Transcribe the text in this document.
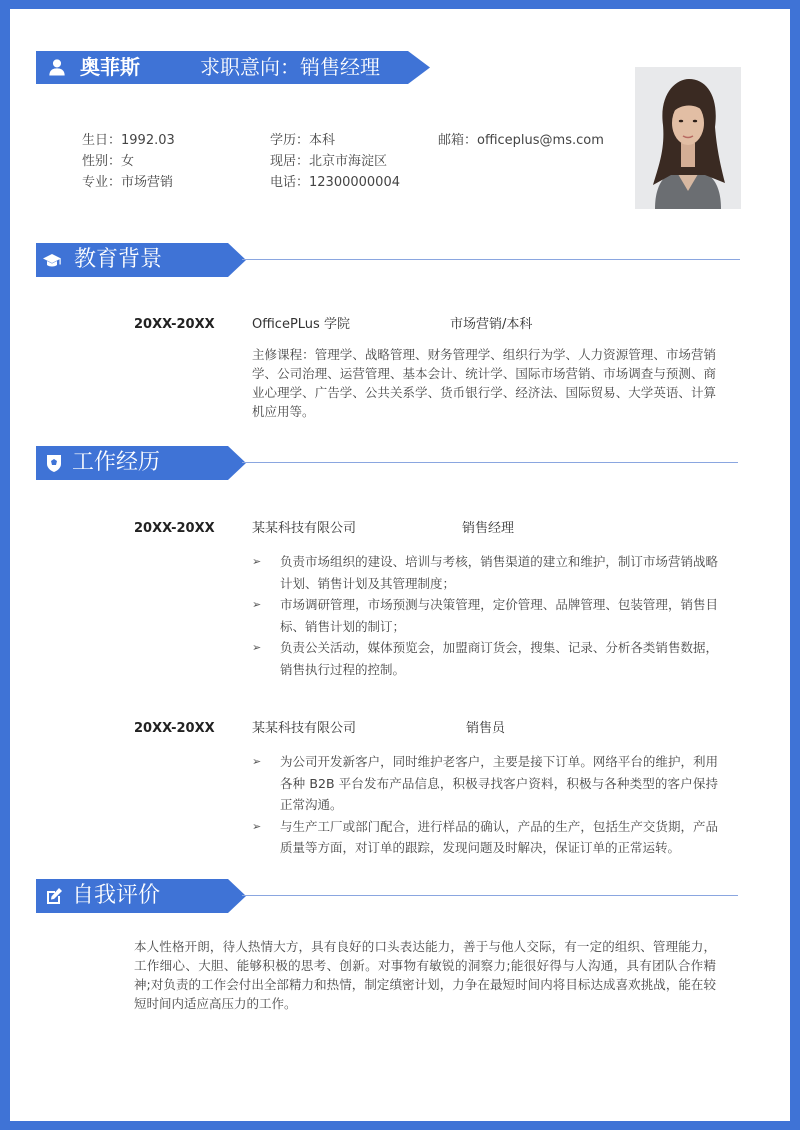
奥菲斯	求职意向：销售经理
生日：1992.03
性别：女
专业：市场营销
学历：本科
现居：北京市海淀区
电话：12300000004
邮箱：officeplus@ms.com
教育背景
20XX-20XX	OfficePLus 学院	市场营销/本科
主修课程：管理学、战略管理、财务管理学、组织行为学、人力资源管理、市场营销学、公司治理、运营管理、基本会计、统计学、国际市场营销、市场调查与预测、商业心理学、广告学、公共关系学、货币银行学、经济法、国际贸易、大学英语、计算机应用等。
工作经历
20XX-20XX	某某科技有限公司	销售经理
➢ 负责市场组织的建设、培训与考核，销售渠道的建立和维护，制订市场营销战略计划、销售计划及其管理制度；
➢ 市场调研管理，市场预测与决策管理，定价管理、品牌管理、包装管理，销售目标、销售计划的制订；
➢ 负责公关活动，媒体预览会，加盟商订货会，搜集、记录、分析各类销售数据，销售执行过程的控制。
20XX-20XX	某某科技有限公司	销售员
➢ 为公司开发新客户，同时维护老客户，主要是接下订单。网络平台的维护，利用各种 B2B 平台发布产品信息，积极寻找客户资料，积极与各种类型的客户保持正常沟通。
➢ 与生产工厂或部门配合，进行样品的确认，产品的生产，包括生产交货期，产品质量等方面，对订单的跟踪，发现问题及时解决，保证订单的正常运转。
自我评价
本人性格开朗，待人热情大方，具有良好的口头表达能力，善于与他人交际，有一定的组织、管理能力，工作细心、大胆、能够积极的思考、创新。对事物有敏锐的洞察力;能很好得与人沟通，具有团队合作精神;对负责的工作会付出全部精力和热情，制定缜密计划，力争在最短时间内将目标达成喜欢挑战，能在较短时间内适应高压力的工作。
